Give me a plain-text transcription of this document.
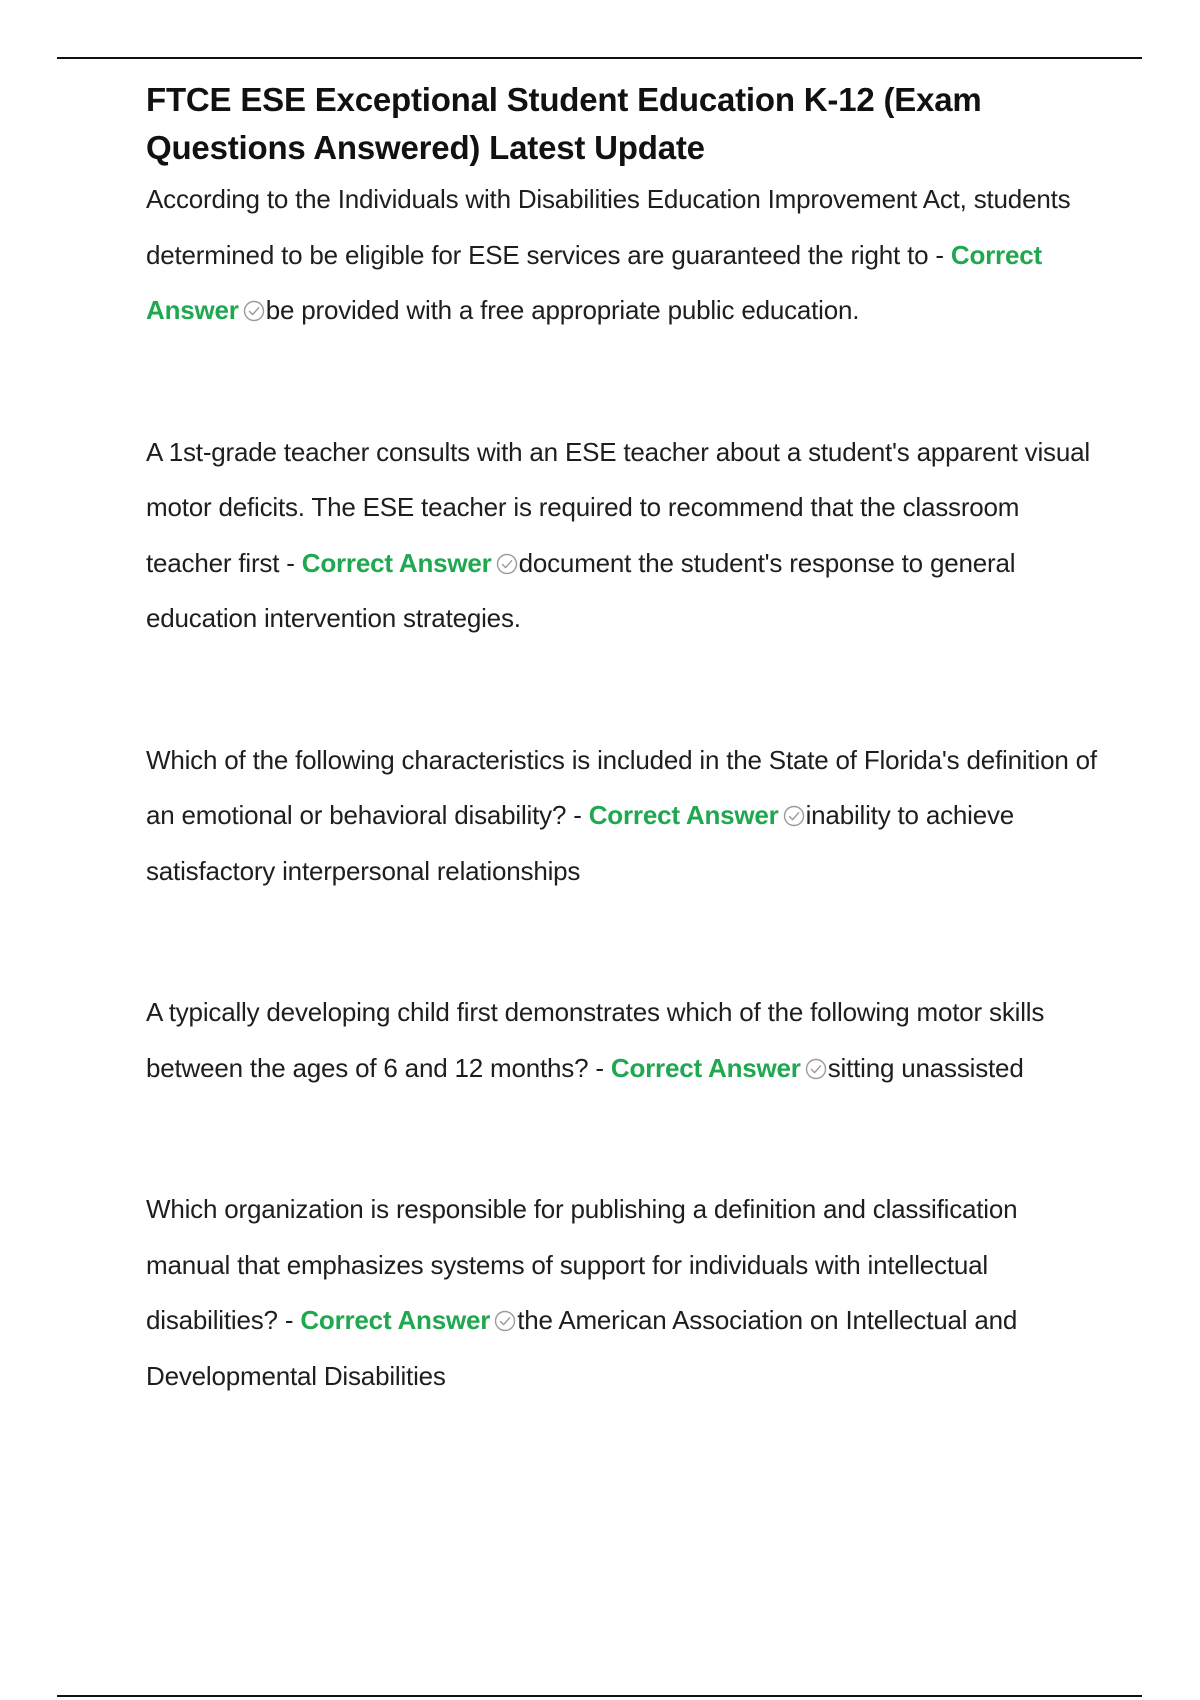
FTCE ESE Exceptional Student Education K-12 (Exam Questions Answered) Latest Update

According to the Individuals with Disabilities Education Improvement Act, students determined to be eligible for ESE services are guaranteed the right to - Correct Answer be provided with a free appropriate public education.

A 1st-grade teacher consults with an ESE teacher about a student's apparent visual motor deficits. The ESE teacher is required to recommend that the classroom teacher first - Correct Answer document the student's response to general education intervention strategies.

Which of the following characteristics is included in the State of Florida's definition of an emotional or behavioral disability? - Correct Answer inability to achieve satisfactory interpersonal relationships

A typically developing child first demonstrates which of the following motor skills between the ages of 6 and 12 months? - Correct Answer sitting unassisted

Which organization is responsible for publishing a definition and classification manual that emphasizes systems of support for individuals with intellectual disabilities? - Correct Answer the American Association on Intellectual and Developmental Disabilities
